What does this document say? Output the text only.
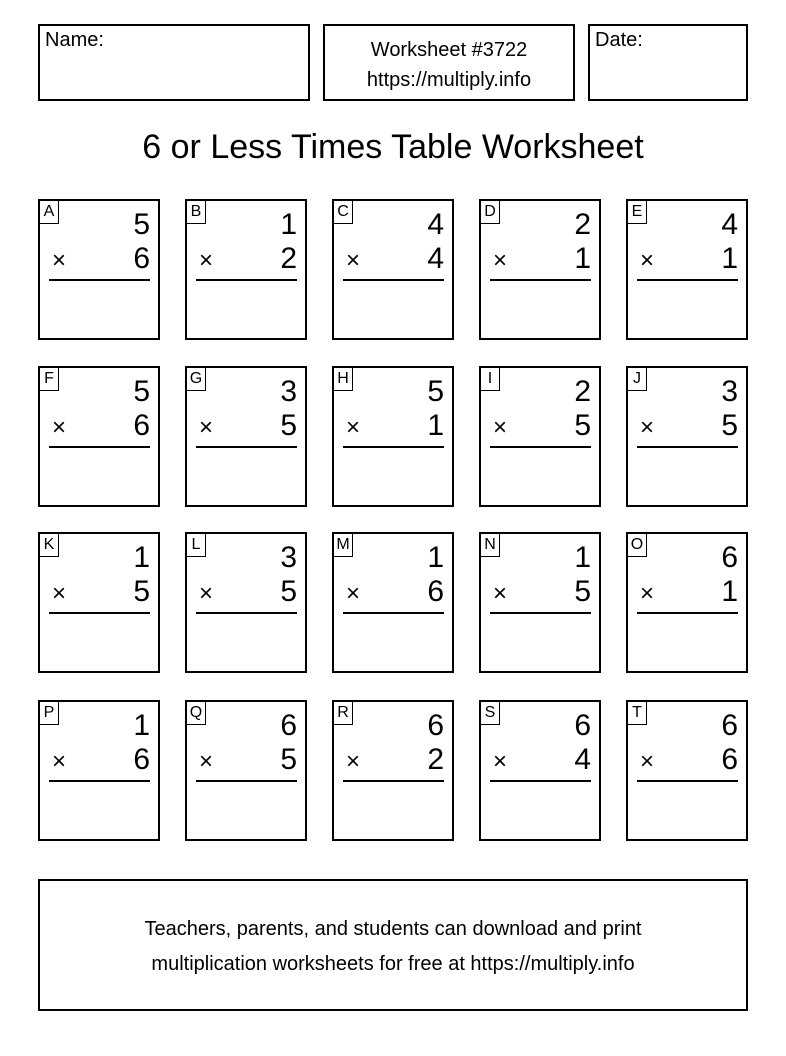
Name:	Worksheet #3722
https://multiply.info
Date:
6 or Less Times Table Worksheet
A	5
× 6
B	1
× 2
C	4
× 4
D	2
× 1
E	4
× 1
F	5
× 6
G	3
× 5
H	5
× 1
I	2
× 5
J	3
× 5
K	1
× 5
L	3
× 5
M	1
× 6
N	1
× 5
O	6
× 1
P	1
× 6
Q	6
× 5
R	6
× 2
S	6
× 4
T	6
× 6
Teachers, parents, and students can download and print
multiplication worksheets for free at https://multiply.info
